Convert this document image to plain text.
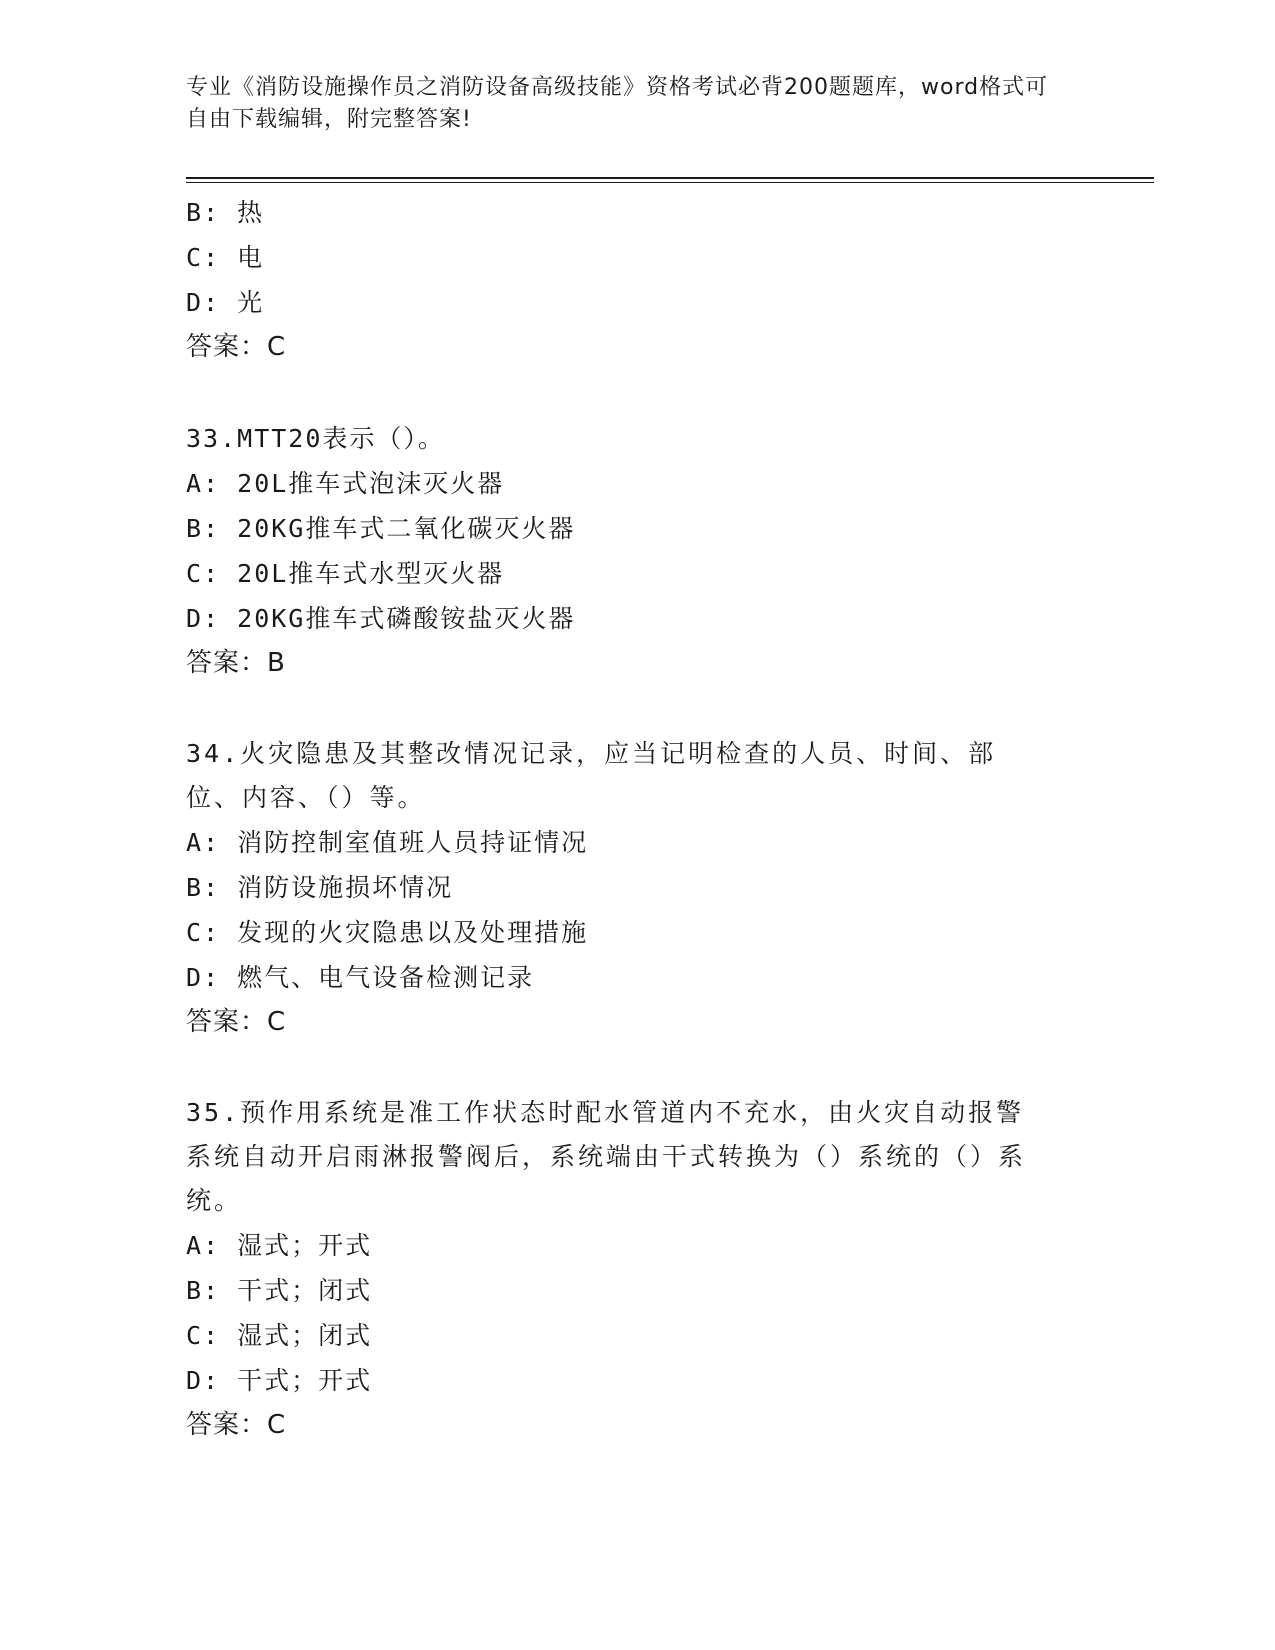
专业《消防设施操作员之消防设备高级技能》资格考试必背200题题库，word格式可自由下载编辑，附完整答案!
B: 热
C: 电
D: 光
答案：C
33.MTT20表示（）。
A: 20L推车式泡沫灭火器
B: 20KG推车式二氧化碳灭火器
C: 20L推车式水型灭火器
D: 20KG推车式磷酸铵盐灭火器
答案：B
34.火灾隐患及其整改情况记录，应当记明检查的人员、时间、部位、内容、（）等。
A: 消防控制室值班人员持证情况
B: 消防设施损坏情况
C: 发现的火灾隐患以及处理措施
D: 燃气、电气设备检测记录
答案：C
35.预作用系统是准工作状态时配水管道内不充水，由火灾自动报警系统自动开启雨淋报警阀后，系统端由干式转换为（）系统的（）系统。
A: 湿式；开式
B: 干式；闭式
C: 湿式；闭式
D: 干式；开式
答案：C
